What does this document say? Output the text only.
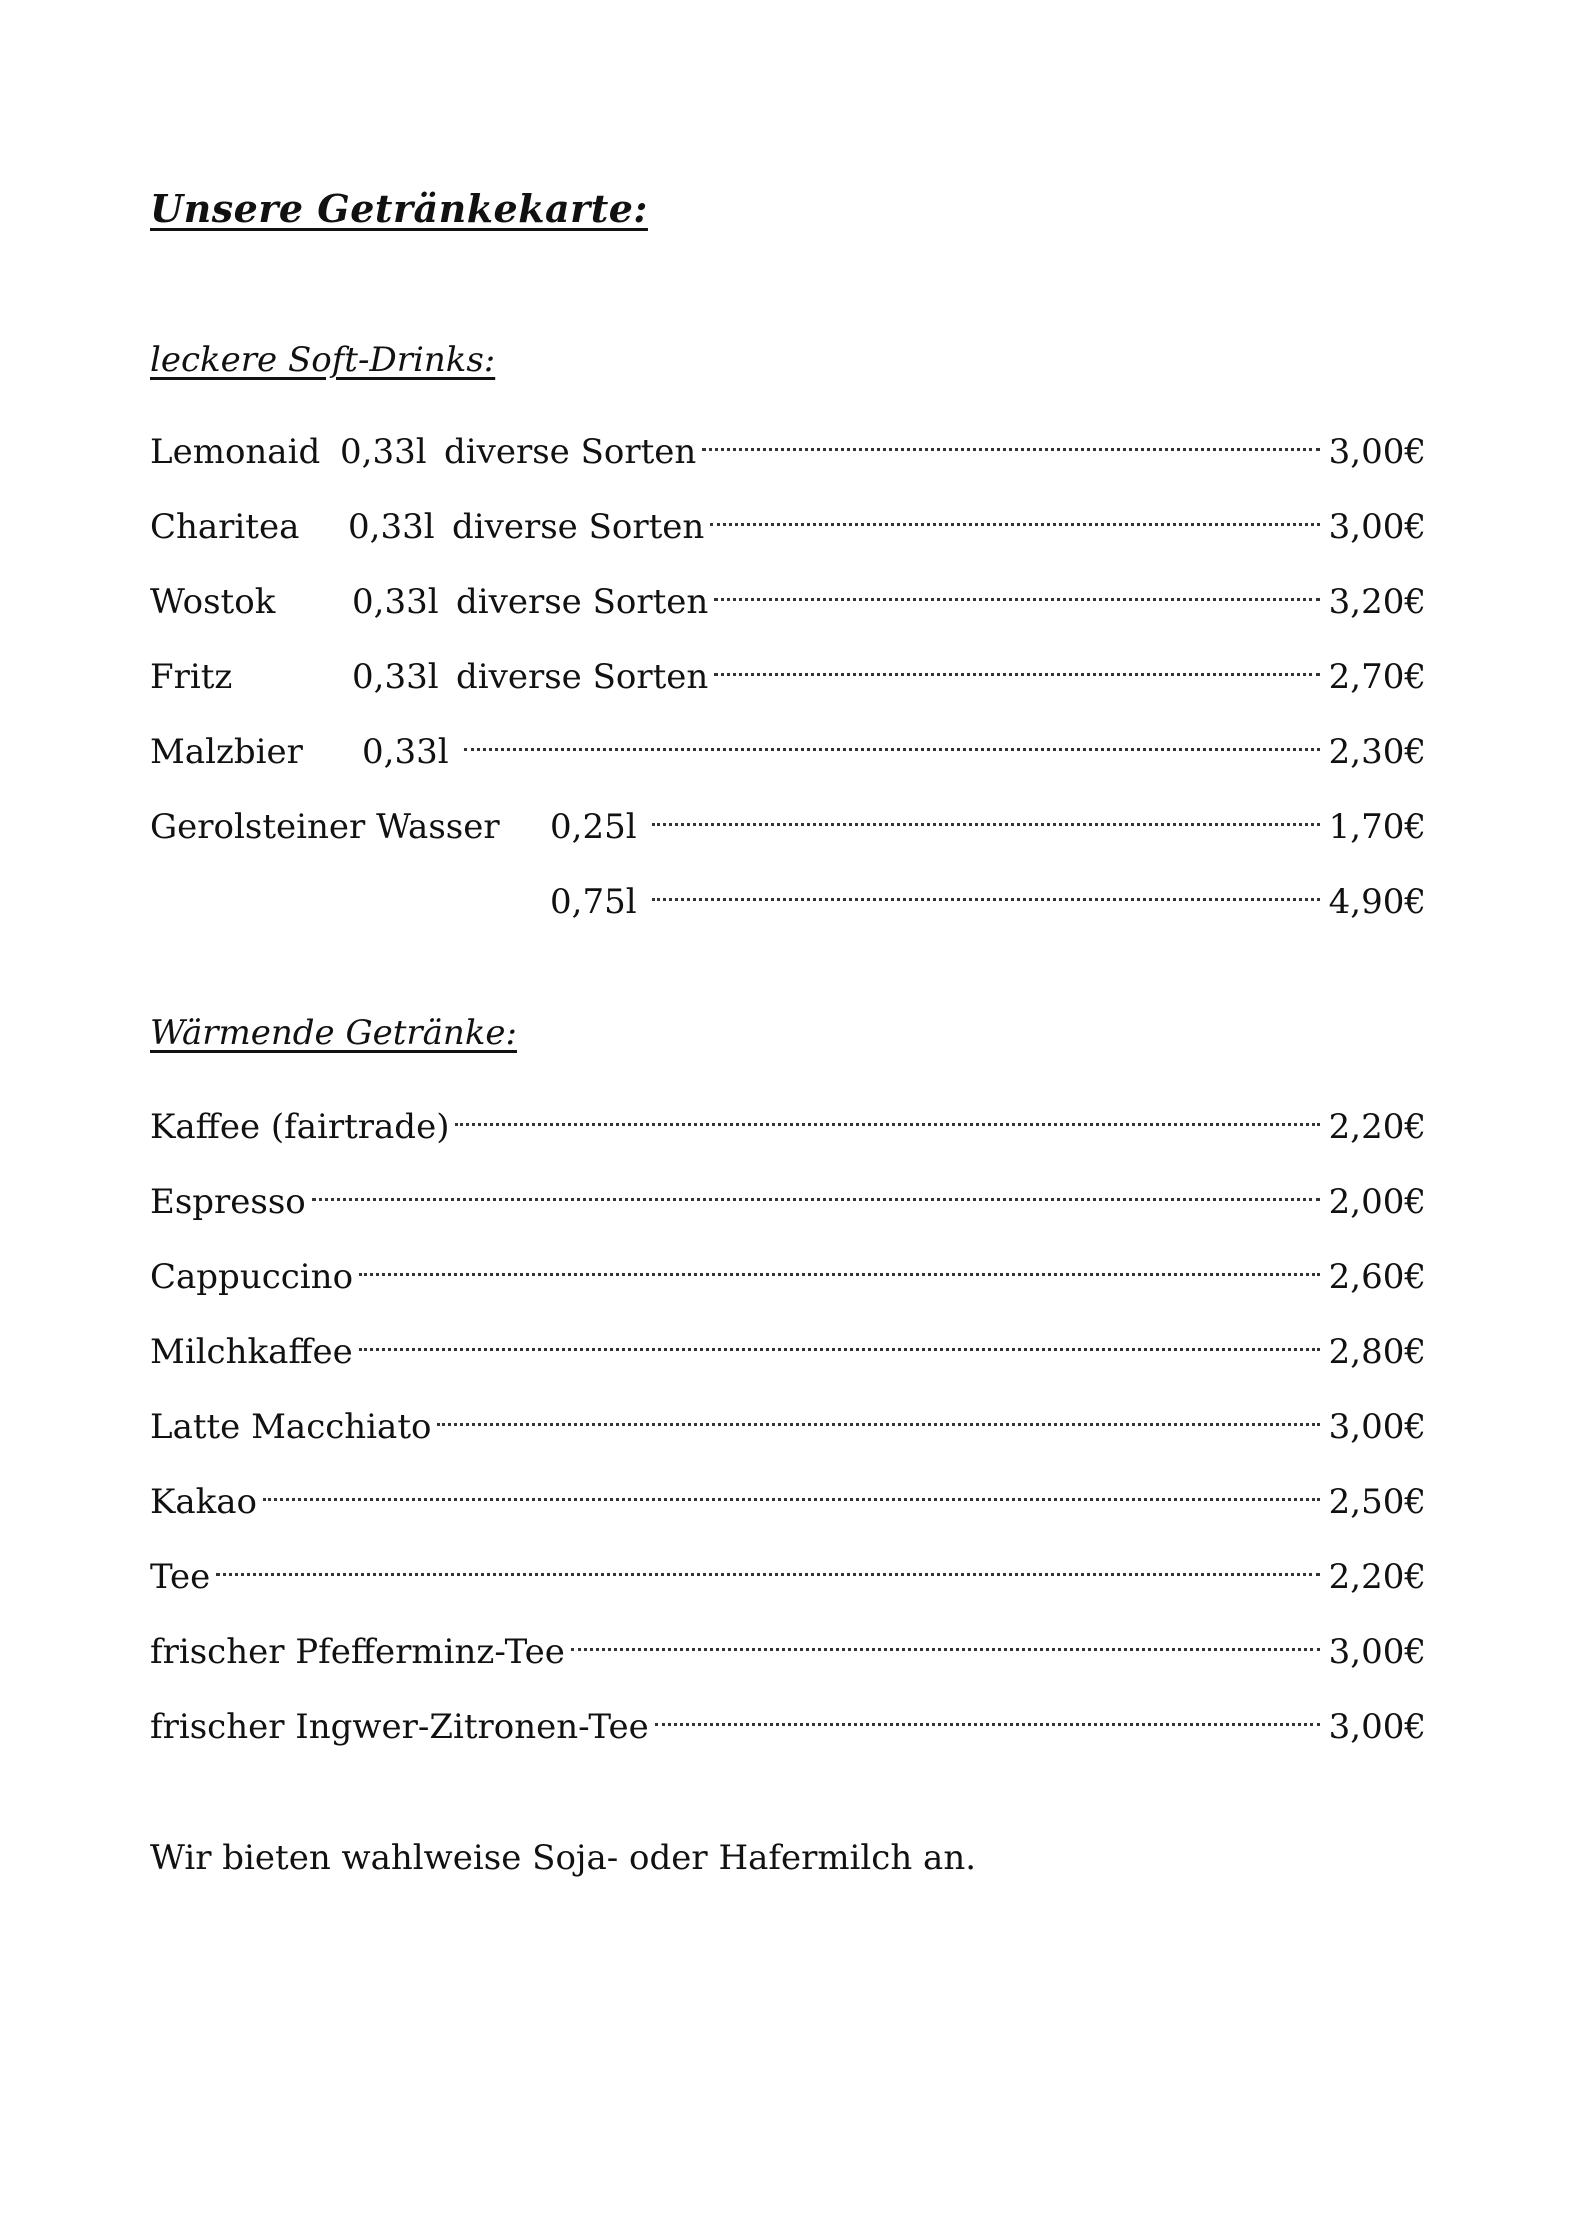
Unsere Getränkekarte:
leckere Soft-Drinks:
Lemonaid 0,33l diverse Sorten	3,00€
Charitea	0,33l diverse Sorten	3,00€
Wostok	0,33l diverse Sorten	3,20€
Fritz	0,33l diverse Sorten	2,70€
Malzbier	0,33l	2,30€
Gerolsteiner Wasser	0,25l	1,70€
0,75l	4,90€
Wärmende Getränke:
Kaffee (fairtrade)	2,20€
Espresso	2,00€
Cappuccino	2,60€
Milchkaffee	2,80€
Latte Macchiato	3,00€
Kakao	2,50€
Tee	2,20€
frischer Pfefferminz-Tee	3,00€
frischer Ingwer-Zitronen-Tee	3,00€

Wir bieten wahlweise Soja- oder Hafermilch an.
